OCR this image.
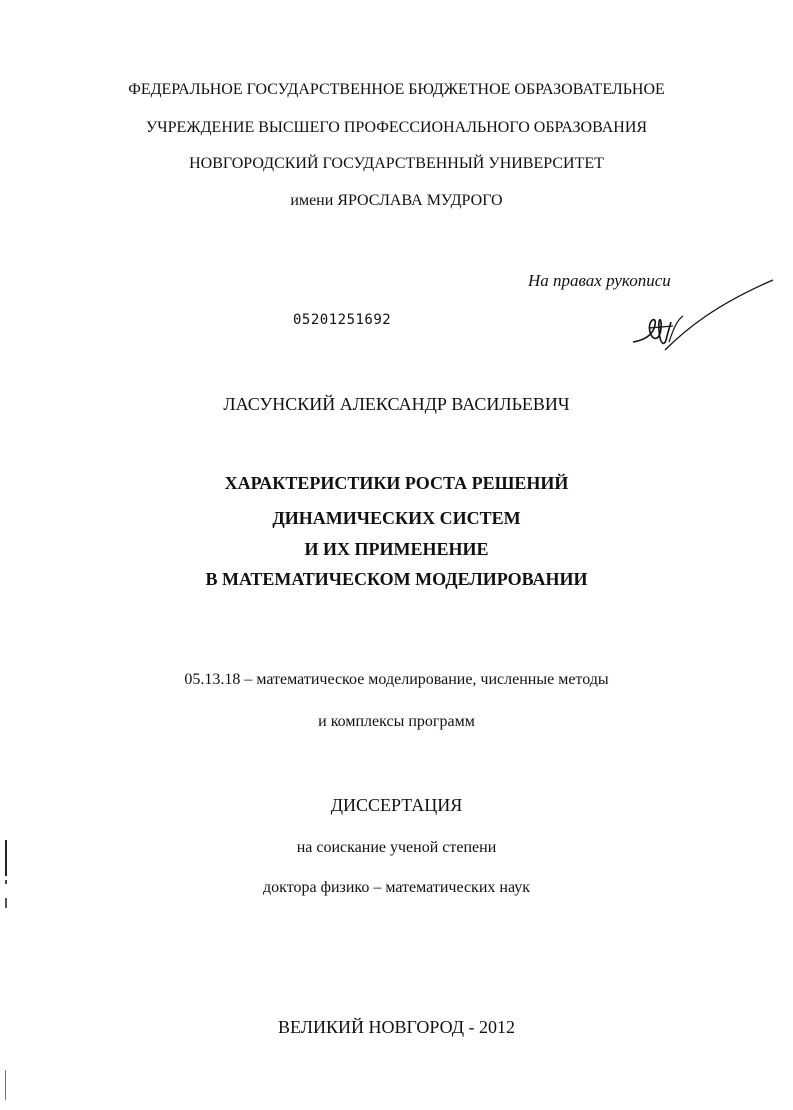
ФЕДЕРАЛЬНОЕ ГОСУДАРСТВЕННОЕ БЮДЖЕТНОЕ ОБРАЗОВАТЕЛЬНОЕ
УЧРЕЖДЕНИЕ ВЫСШЕГО ПРОФЕССИОНАЛЬНОГО ОБРАЗОВАНИЯ
НОВГОРОДСКИЙ ГОСУДАРСТВЕННЫЙ УНИВЕРСИТЕТ
имени ЯРОСЛАВА МУДРОГО
На правах рукописи
05201251692
ЛАСУНСКИЙ АЛЕКСАНДР ВАСИЛЬЕВИЧ
ХАРАКТЕРИСТИКИ РОСТА РЕШЕНИЙ
ДИНАМИЧЕСКИХ СИСТЕМ
И ИХ ПРИМЕНЕНИЕ
В МАТЕМАТИЧЕСКОМ МОДЕЛИРОВАНИИ
05.13.18 – математическое моделирование, численные методы
и комплексы программ
ДИССЕРТАЦИЯ
на соискание ученой степени
доктора физико – математических наук
ВЕЛИКИЙ НОВГОРОД - 2012
